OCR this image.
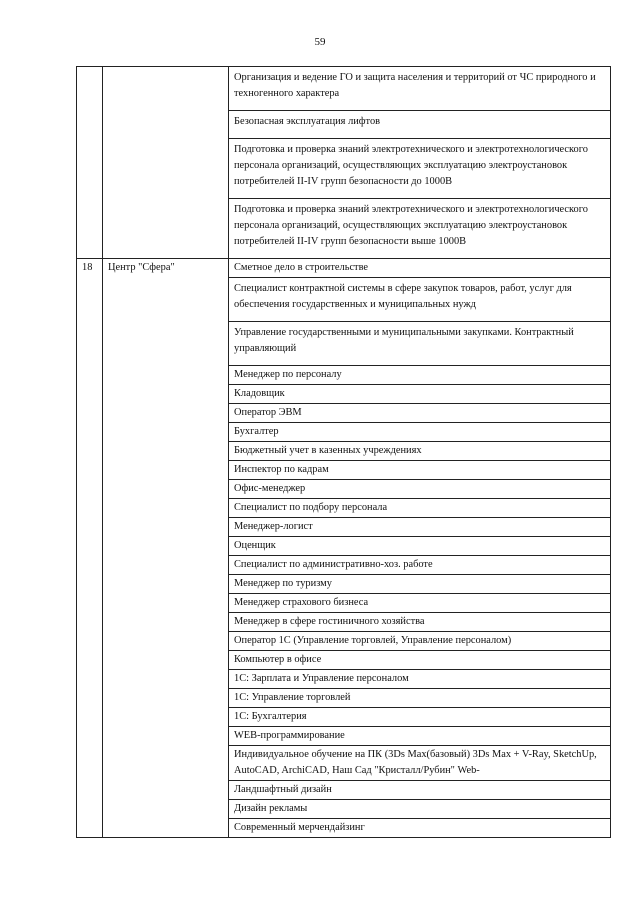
59
		Организация и ведение ГО и защита населения и территорий от ЧС природного и техногенного характера
		Безопасная эксплуатация лифтов
		Подготовка и проверка знаний электротехнического и электротехнологического персонала организаций, осуществляющих эксплуатацию электроустановок потребителей II-IV групп безопасности до 1000В
		Подготовка и проверка знаний электротехнического и электротехнологического персонала организаций, осуществляющих эксплуатацию электроустановок потребителей II-IV групп безопасности выше 1000В
18	Центр "Сфера"	Сметное дело в строительстве
		Специалист контрактной системы в сфере закупок товаров, работ, услуг для обеспечения государственных и муниципальных нужд
		Управление государственными и муниципальными закупками. Контрактный управляющий
		Менеджер по персоналу
		Кладовщик
		Оператор ЭВМ
		Бухгалтер
		Бюджетный учет в казенных учреждениях
		Инспектор по кадрам
		Офис-менеджер
		Специалист по подбору персонала
		Менеджер-логист
		Оценщик
		Специалист по административно-хоз. работе
		Менеджер по туризму
		Менеджер страхового бизнеса
		Менеджер в сфере гостиничного хозяйства
		Оператор 1С (Управление торговлей, Управление персоналом)
		Компьютер в офисе
		1С: Зарплата и Управление персоналом
		1С: Управление торговлей
		1С: Бухгалтерия
		WEB-программирование
		Индивидуальное обучение на ПК (3Ds Max(базовый) 3Ds Max + V-Ray, SketchUp, AutoCAD, ArchiCAD, Наш Сад "Кристалл/Рубин" Web-
		Ландшафтный дизайн
		Дизайн рекламы
		Современный мерчендайзинг
